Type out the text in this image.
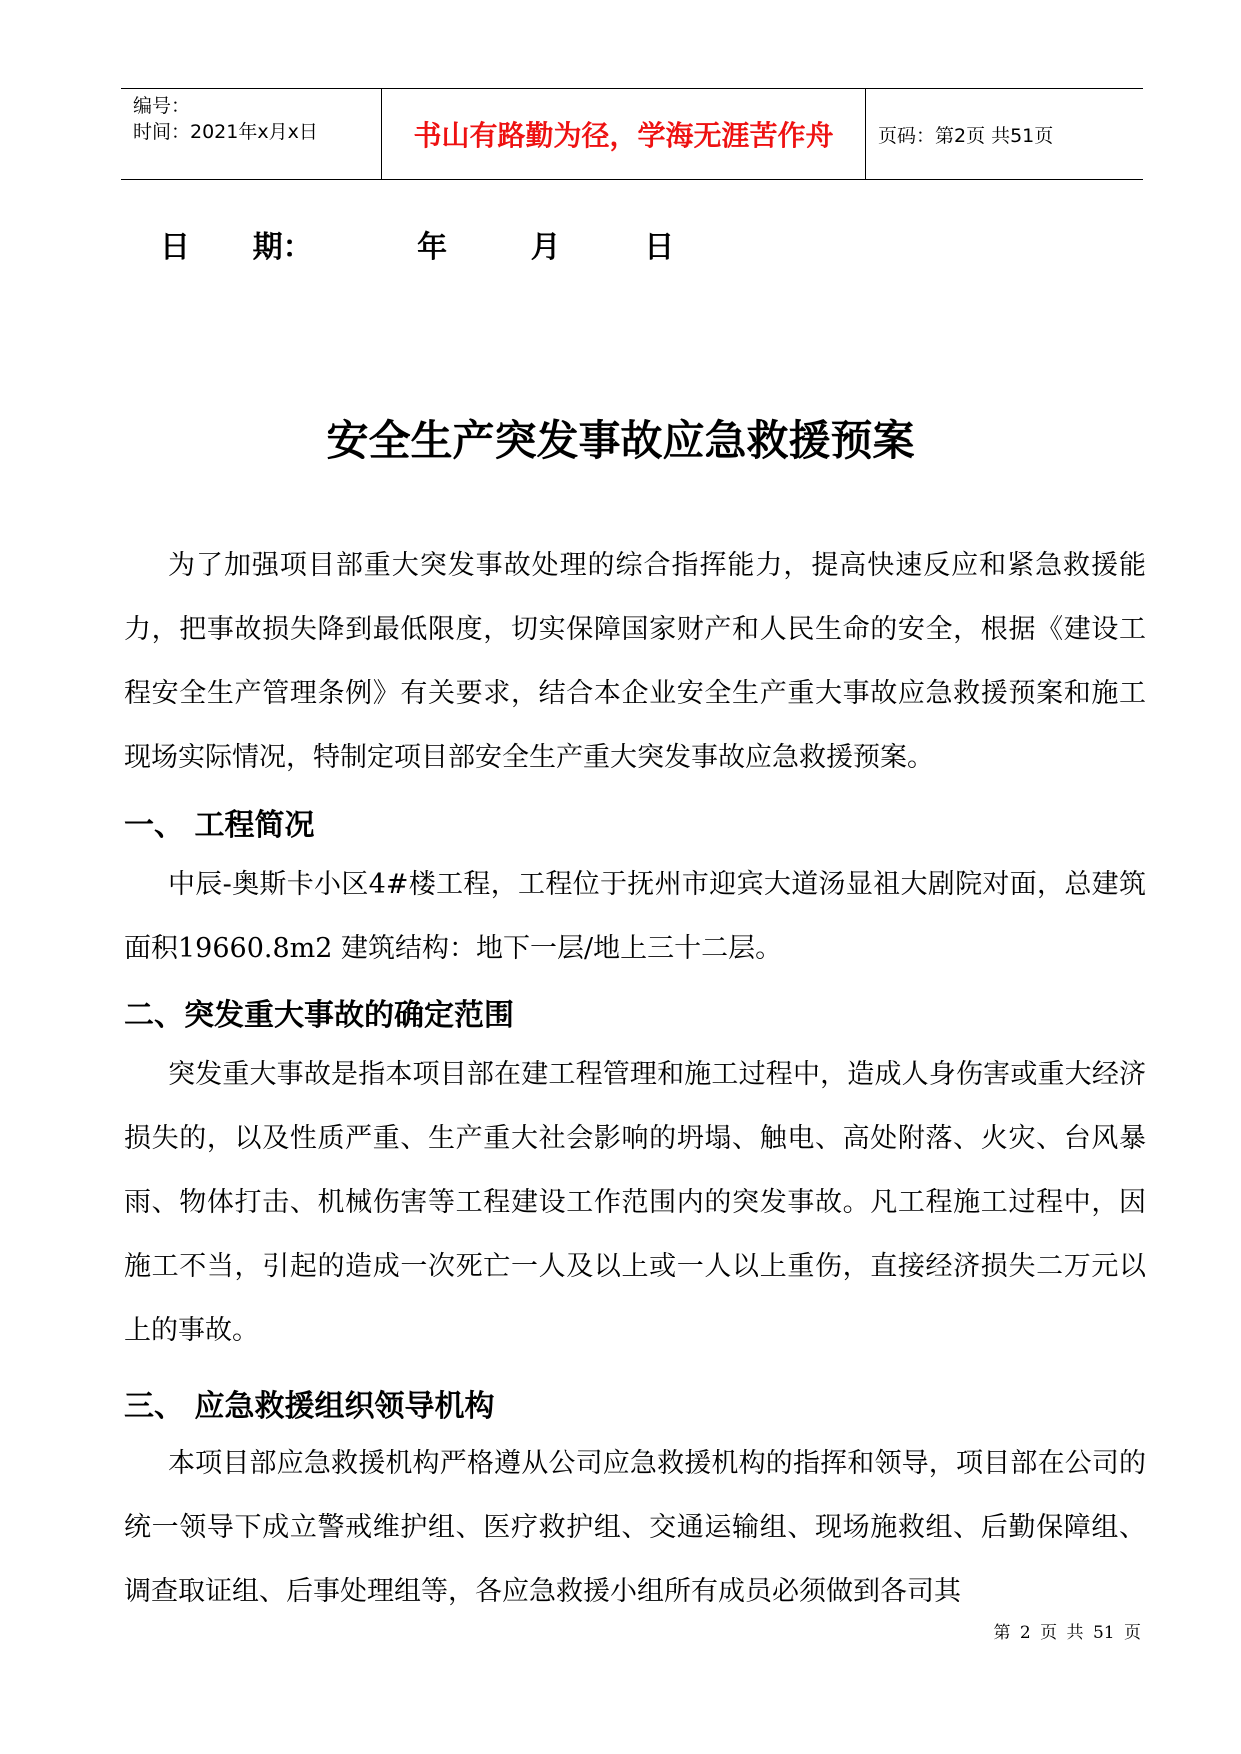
编号：
时间：2021年x月x日	书山有路勤为径，学海无涯苦作舟	页码：第2页 共51页
日      期：          年        月        日
安全生产突发事故应急救援预案

为了加强项目部重大突发事故处理的综合指挥能力，提高快速反应和紧急救援能力，把事故损失降到最低限度，切实保障国家财产和人民生命的安全，根据《建设工程安全生产管理条例》有关要求，结合本企业安全生产重大事故应急救援预案和施工现场实际情况，特制定项目部安全生产重大突发事故应急救援预案。

一、 工程简况

中辰-奥斯卡小区4#楼工程，工程位于抚州市迎宾大道汤显祖大剧院对面，总建筑面积19660.8m2 建筑结构：地下一层/地上三十二层。

二、突发重大事故的确定范围

突发重大事故是指本项目部在建工程管理和施工过程中，造成人身伤害或重大经济损失的，以及性质严重、生产重大社会影响的坍塌、触电、高处附落、火灾、台风暴雨、物体打击、机械伤害等工程建设工作范围内的突发事故。凡工程施工过程中，因施工不当，引起的造成一次死亡一人及以上或一人以上重伤，直接经济损失二万元以上的事故。

三、 应急救援组织领导机构

本项目部应急救援机构严格遵从公司应急救援机构的指挥和领导，项目部在公司的统一领导下成立警戒维护组、医疗救护组、交通运输组、现场施救组、后勤保障组、调查取证组、后事处理组等，各应急救援小组所有成员必须做到各司其

第 2 页 共 51 页
